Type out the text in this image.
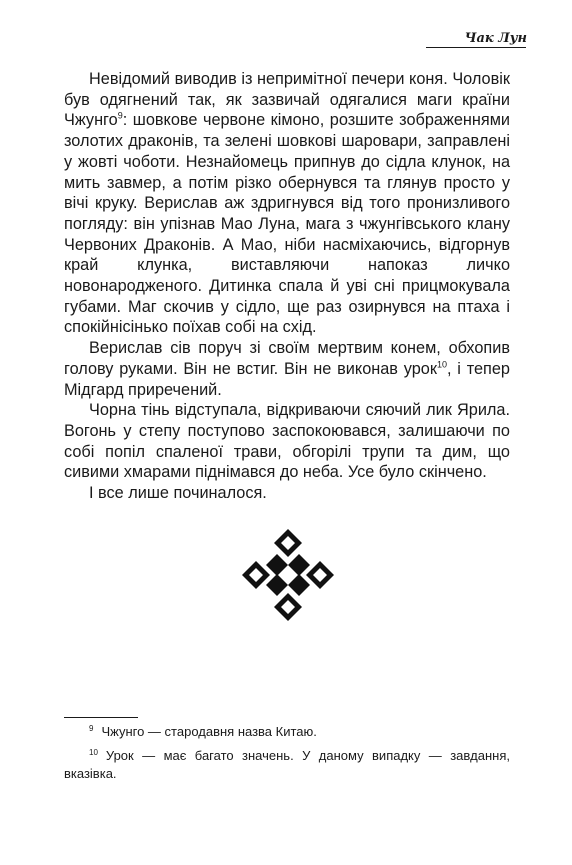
Чак Лун

Невідомий виводив із непримітної печери коня. Чоловік був одягнений так, як зазвичай одягалися маги країни Чжунго$^9$: шовкове червоне кімоно, розшите зображеннями золотих драконів, та зелені шовкові шаровари, заправлені у жовті чоботи. Незнайомець припнув до сідла клунок, на мить завмер, а потім різко обернувся та глянув просто у вічі круку. Верислав аж здригнувся від того пронизливого погляду: він упізнав Мао Луна, мага з чжунгівського клану Червоних Драконів. А Мао, ніби насміхаючись, відгорнув край клунка, виставляючи напоказ личко новонародженого. Дитинка спала й уві сні прицмокувала губами. Маг скочив у сідло, ще раз озирнувся на птаха і спокійнісінько поїхав собі на схід.

Верислав сів поруч зі своїм мертвим конем, обхопив голову руками. Він не встиг. Він не виконав урок$^{10}$, і тепер Мідгард приречений.

Чорна тінь відступала, відкриваючи сяючий лик Ярила. Вогонь у степу поступово заспокоювався, залишаючи по собі попіл спаленої трави, обгорілі трупи та дим, що сивими хмарами піднімався до неба. Усе було скінчено.

І все лише починалося.

$^9$ Чжунго — стародавня назва Китаю.

$^{10}$ Урок — має багато значень. У даному випадку — завдання, вказівка.
